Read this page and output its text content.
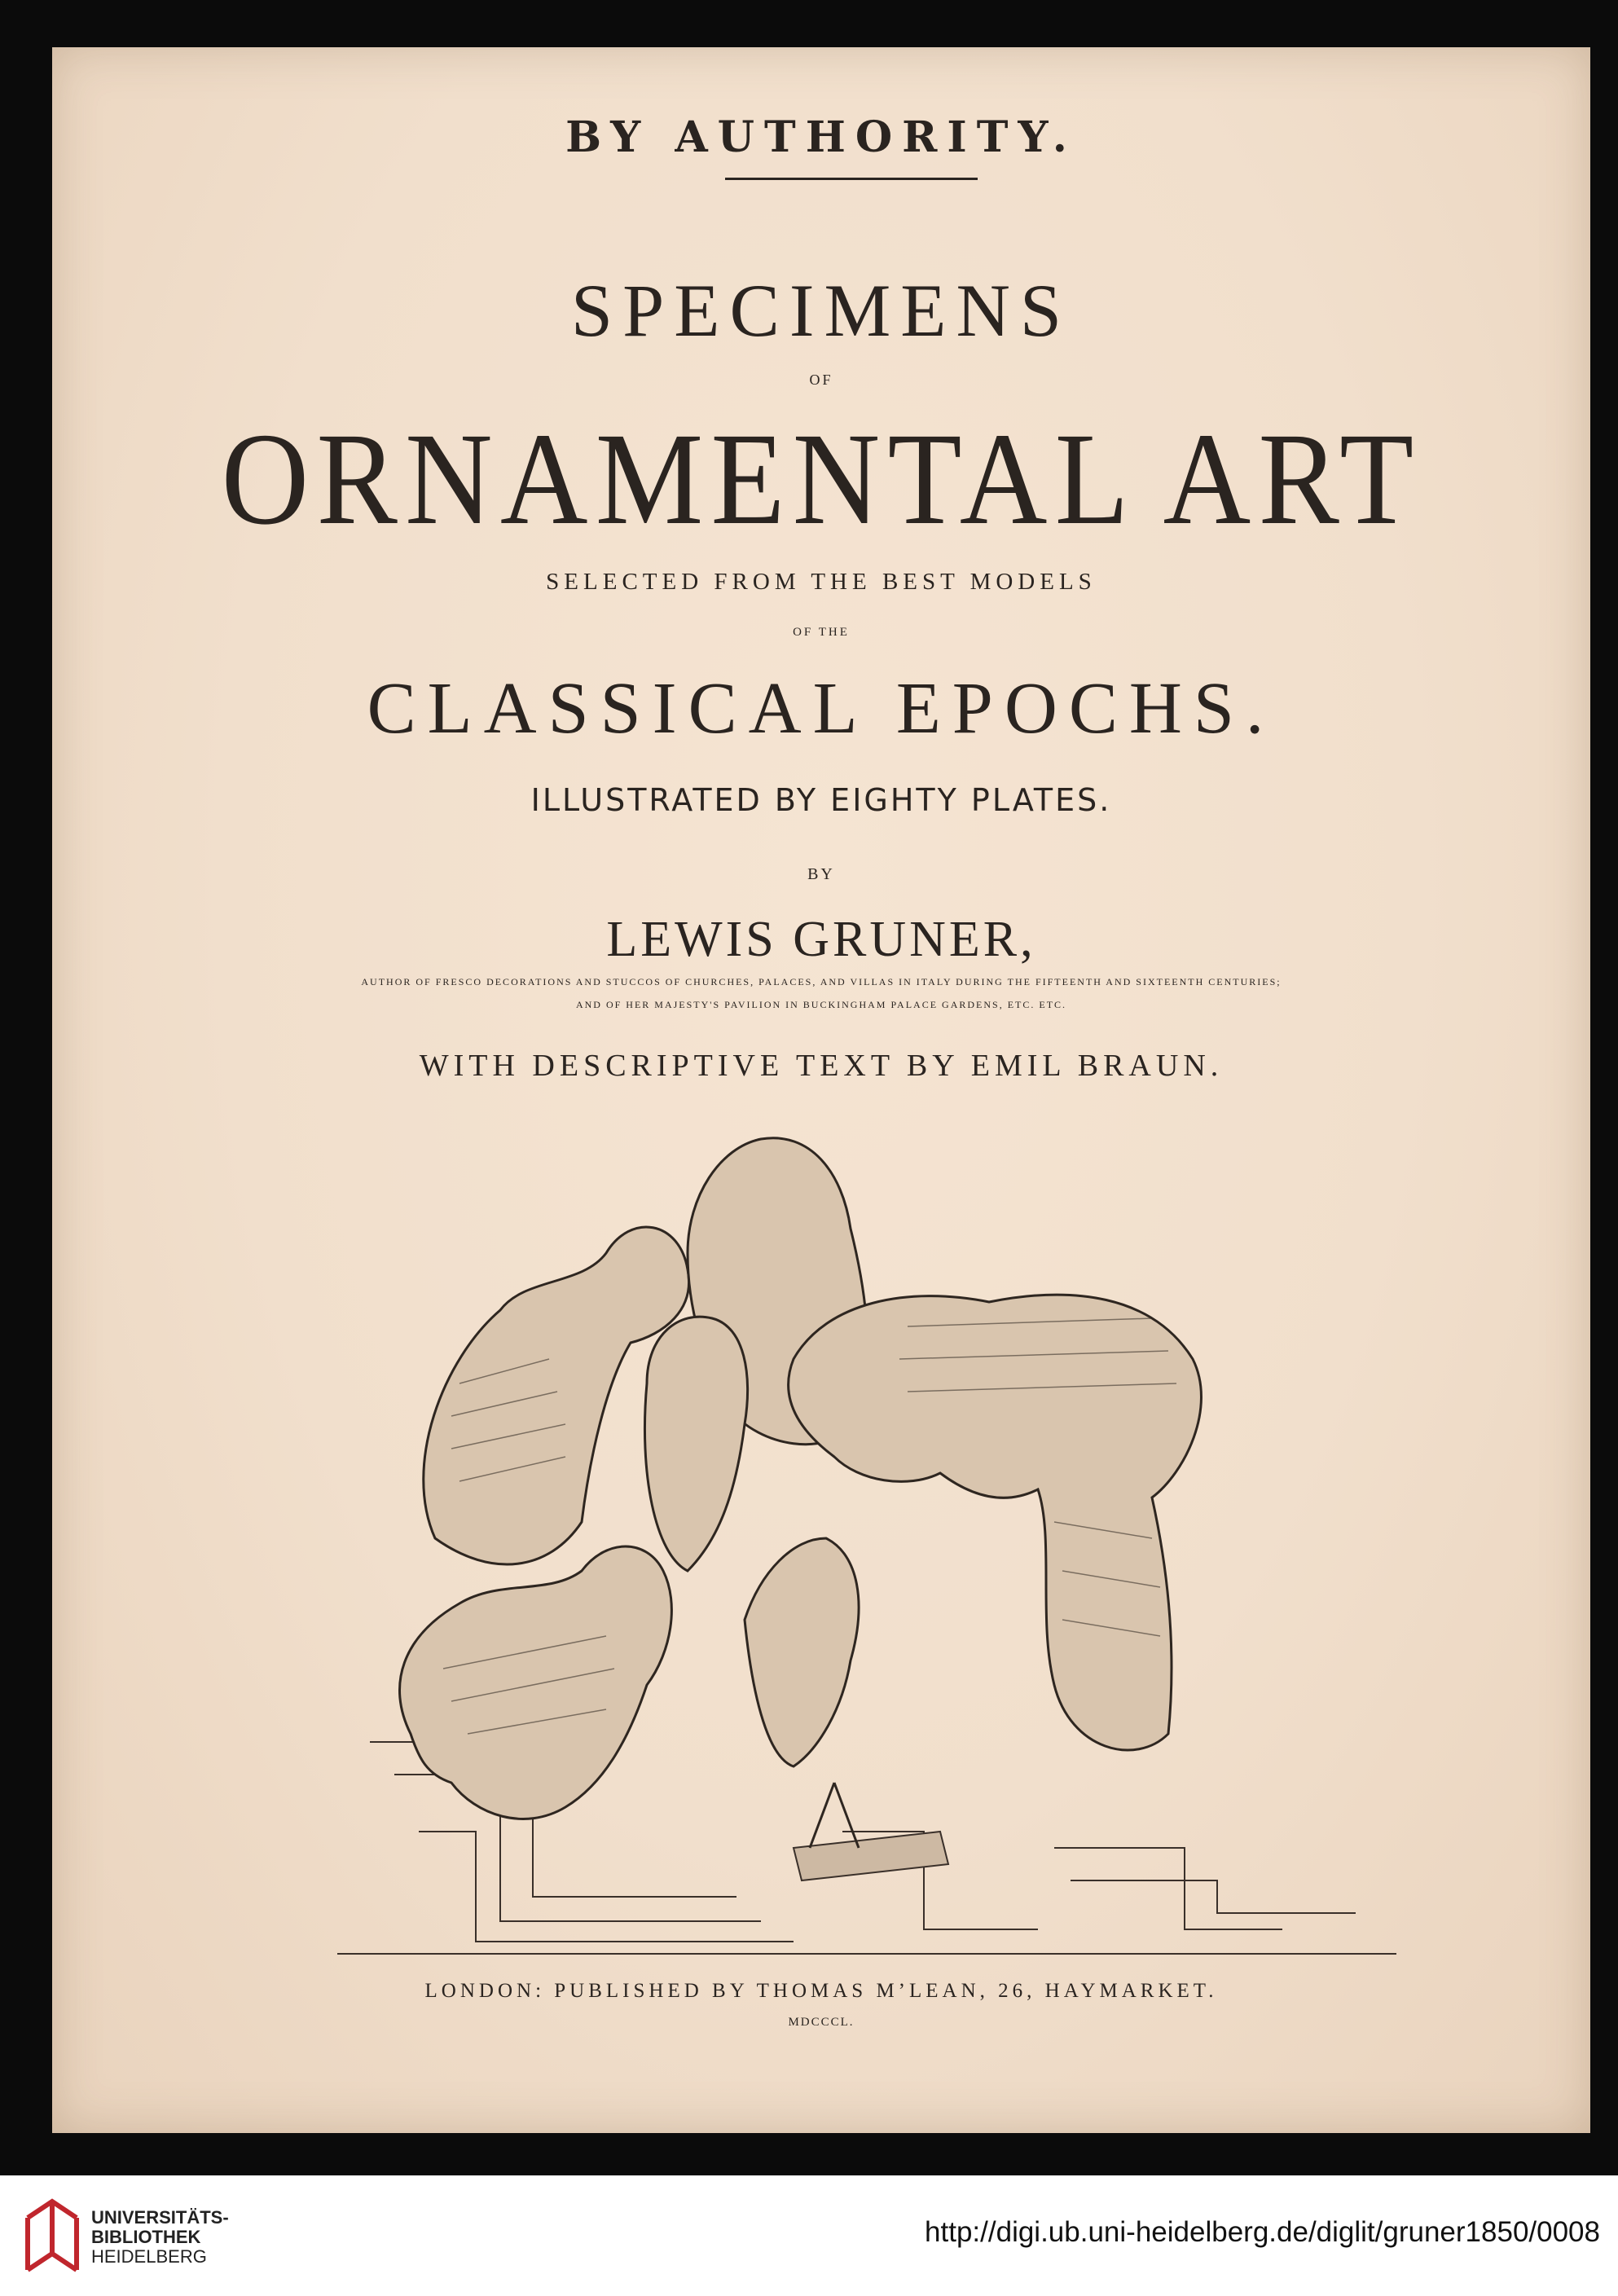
BY AUTHORITY.

SPECIMENS

OF

ORNAMENTAL ART

SELECTED FROM THE BEST MODELS

OF THE

CLASSICAL EPOCHS.

ILLUSTRATED BY EIGHTY PLATES.

BY

LEWIS GRUNER,

AUTHOR OF FRESCO DECORATIONS AND STUCCOS OF CHURCHES, PALACES, AND VILLAS IN ITALY DURING THE FIFTEENTH AND SIXTEENTH CENTURIES;

AND OF HER MAJESTY'S PAVILION IN BUCKINGHAM PALACE GARDENS, ETC. ETC.

WITH DESCRIPTIVE TEXT BY EMIL BRAUN.

LONDON: PUBLISHED BY THOMAS M’LEAN, 26, HAYMARKET.

MDCCCL.

UNIVERSITÄTS-
BIBLIOTHEK
HEIDELBERG
http://digi.ub.uni-heidelberg.de/diglit/gruner1850/0008
